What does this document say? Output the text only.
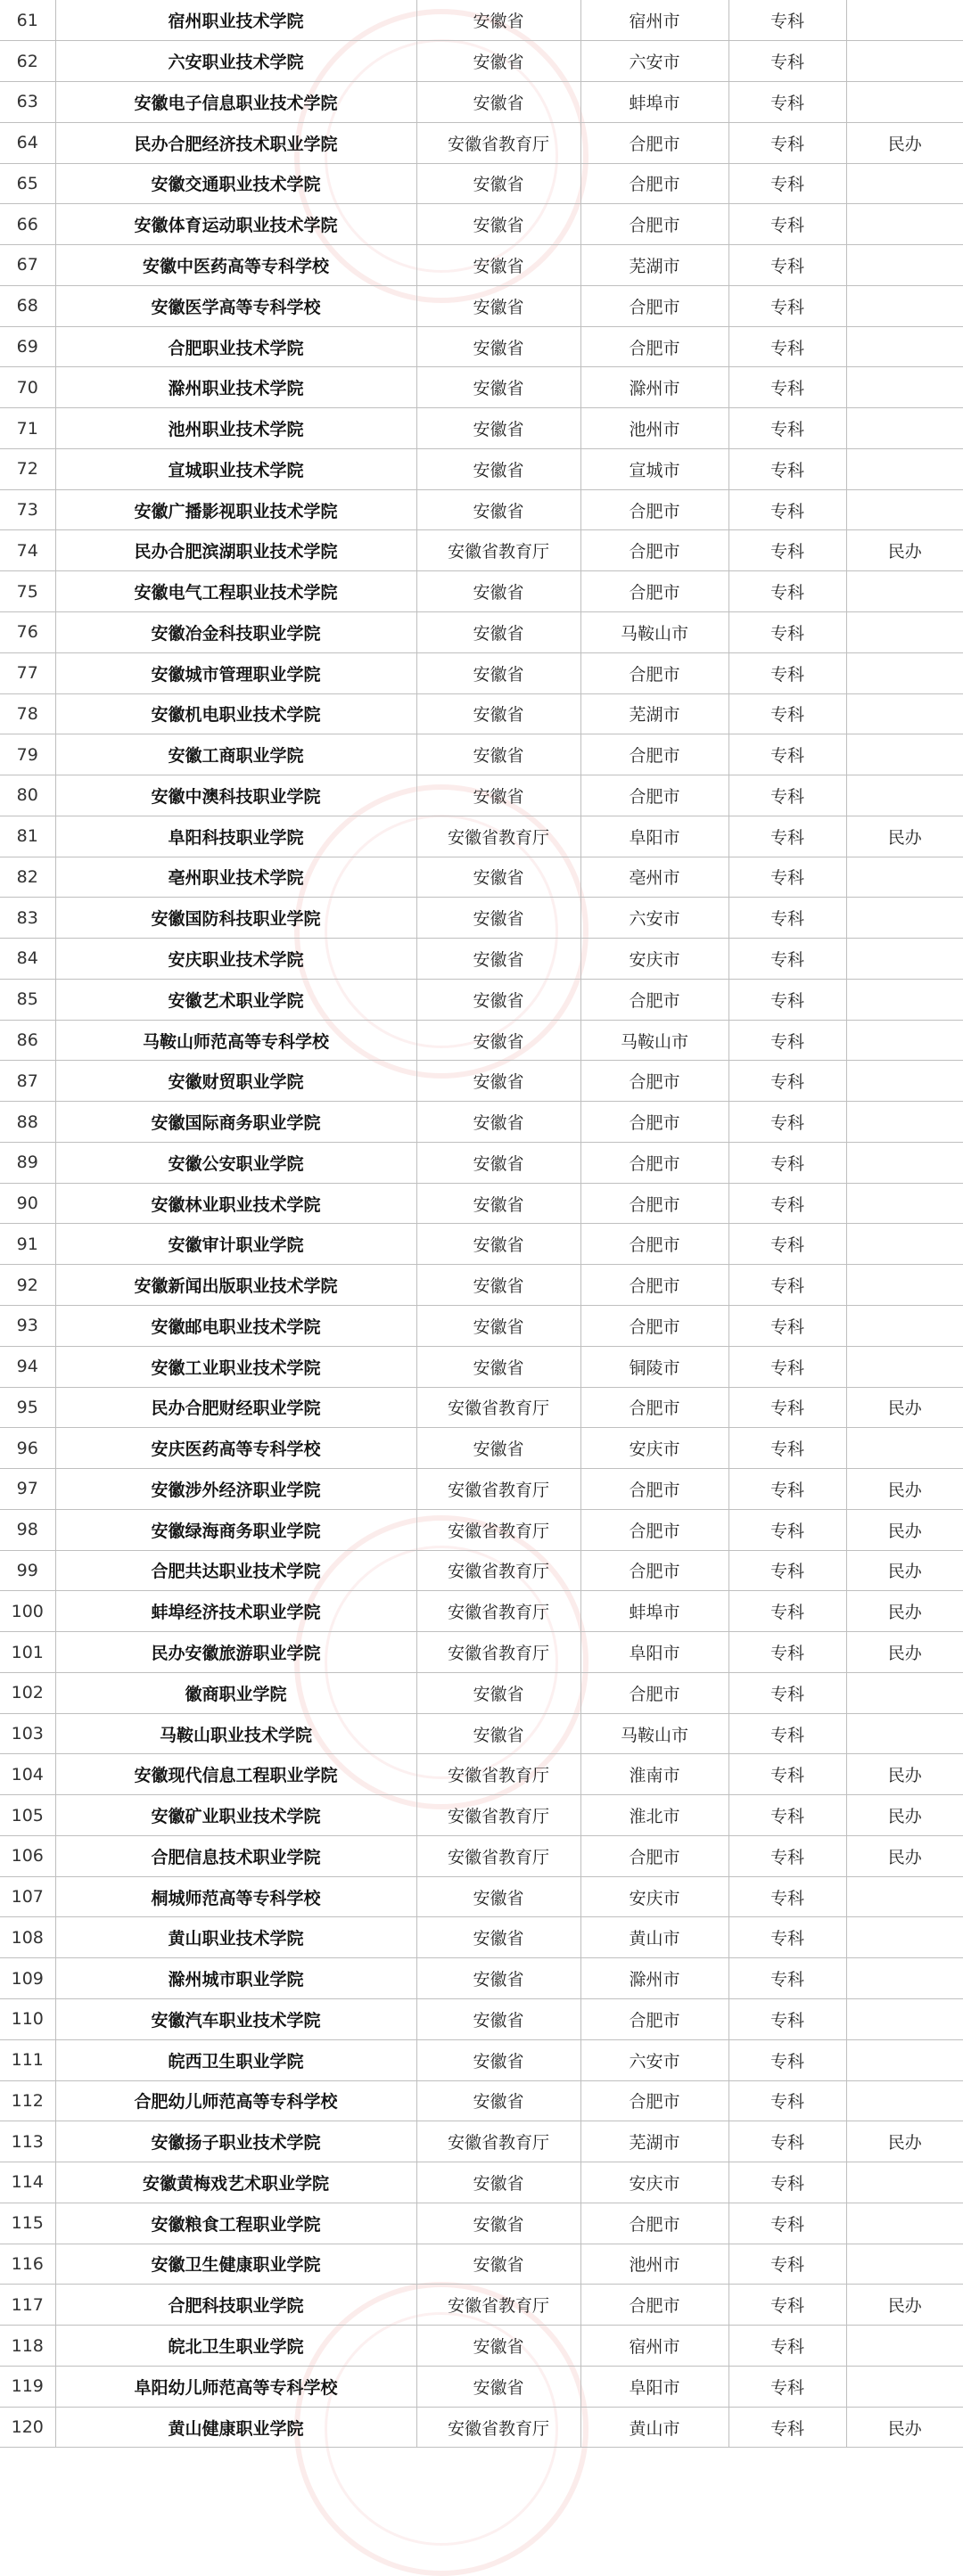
61	宿州职业技术学院	安徽省	宿州市	专科	
62	六安职业技术学院	安徽省	六安市	专科	
63	安徽电子信息职业技术学院	安徽省	蚌埠市	专科	
64	民办合肥经济技术职业学院	安徽省教育厅	合肥市	专科	民办
65	安徽交通职业技术学院	安徽省	合肥市	专科	
66	安徽体育运动职业技术学院	安徽省	合肥市	专科	
67	安徽中医药高等专科学校	安徽省	芜湖市	专科	
68	安徽医学高等专科学校	安徽省	合肥市	专科	
69	合肥职业技术学院	安徽省	合肥市	专科	
70	滁州职业技术学院	安徽省	滁州市	专科	
71	池州职业技术学院	安徽省	池州市	专科	
72	宣城职业技术学院	安徽省	宣城市	专科	
73	安徽广播影视职业技术学院	安徽省	合肥市	专科	
74	民办合肥滨湖职业技术学院	安徽省教育厅	合肥市	专科	民办
75	安徽电气工程职业技术学院	安徽省	合肥市	专科	
76	安徽冶金科技职业学院	安徽省	马鞍山市	专科	
77	安徽城市管理职业学院	安徽省	合肥市	专科	
78	安徽机电职业技术学院	安徽省	芜湖市	专科	
79	安徽工商职业学院	安徽省	合肥市	专科	
80	安徽中澳科技职业学院	安徽省	合肥市	专科	
81	阜阳科技职业学院	安徽省教育厅	阜阳市	专科	民办
82	亳州职业技术学院	安徽省	亳州市	专科	
83	安徽国防科技职业学院	安徽省	六安市	专科	
84	安庆职业技术学院	安徽省	安庆市	专科	
85	安徽艺术职业学院	安徽省	合肥市	专科	
86	马鞍山师范高等专科学校	安徽省	马鞍山市	专科	
87	安徽财贸职业学院	安徽省	合肥市	专科	
88	安徽国际商务职业学院	安徽省	合肥市	专科	
89	安徽公安职业学院	安徽省	合肥市	专科	
90	安徽林业职业技术学院	安徽省	合肥市	专科	
91	安徽审计职业学院	安徽省	合肥市	专科	
92	安徽新闻出版职业技术学院	安徽省	合肥市	专科	
93	安徽邮电职业技术学院	安徽省	合肥市	专科	
94	安徽工业职业技术学院	安徽省	铜陵市	专科	
95	民办合肥财经职业学院	安徽省教育厅	合肥市	专科	民办
96	安庆医药高等专科学校	安徽省	安庆市	专科	
97	安徽涉外经济职业学院	安徽省教育厅	合肥市	专科	民办
98	安徽绿海商务职业学院	安徽省教育厅	合肥市	专科	民办
99	合肥共达职业技术学院	安徽省教育厅	合肥市	专科	民办
100	蚌埠经济技术职业学院	安徽省教育厅	蚌埠市	专科	民办
101	民办安徽旅游职业学院	安徽省教育厅	阜阳市	专科	民办
102	徽商职业学院	安徽省	合肥市	专科	
103	马鞍山职业技术学院	安徽省	马鞍山市	专科	
104	安徽现代信息工程职业学院	安徽省教育厅	淮南市	专科	民办
105	安徽矿业职业技术学院	安徽省教育厅	淮北市	专科	民办
106	合肥信息技术职业学院	安徽省教育厅	合肥市	专科	民办
107	桐城师范高等专科学校	安徽省	安庆市	专科	
108	黄山职业技术学院	安徽省	黄山市	专科	
109	滁州城市职业学院	安徽省	滁州市	专科	
110	安徽汽车职业技术学院	安徽省	合肥市	专科	
111	皖西卫生职业学院	安徽省	六安市	专科	
112	合肥幼儿师范高等专科学校	安徽省	合肥市	专科	
113	安徽扬子职业技术学院	安徽省教育厅	芜湖市	专科	民办
114	安徽黄梅戏艺术职业学院	安徽省	安庆市	专科	
115	安徽粮食工程职业学院	安徽省	合肥市	专科	
116	安徽卫生健康职业学院	安徽省	池州市	专科	
117	合肥科技职业学院	安徽省教育厅	合肥市	专科	民办
118	皖北卫生职业学院	安徽省	宿州市	专科	
119	阜阳幼儿师范高等专科学校	安徽省	阜阳市	专科	
120	黄山健康职业学院	安徽省教育厅	黄山市	专科	民办
